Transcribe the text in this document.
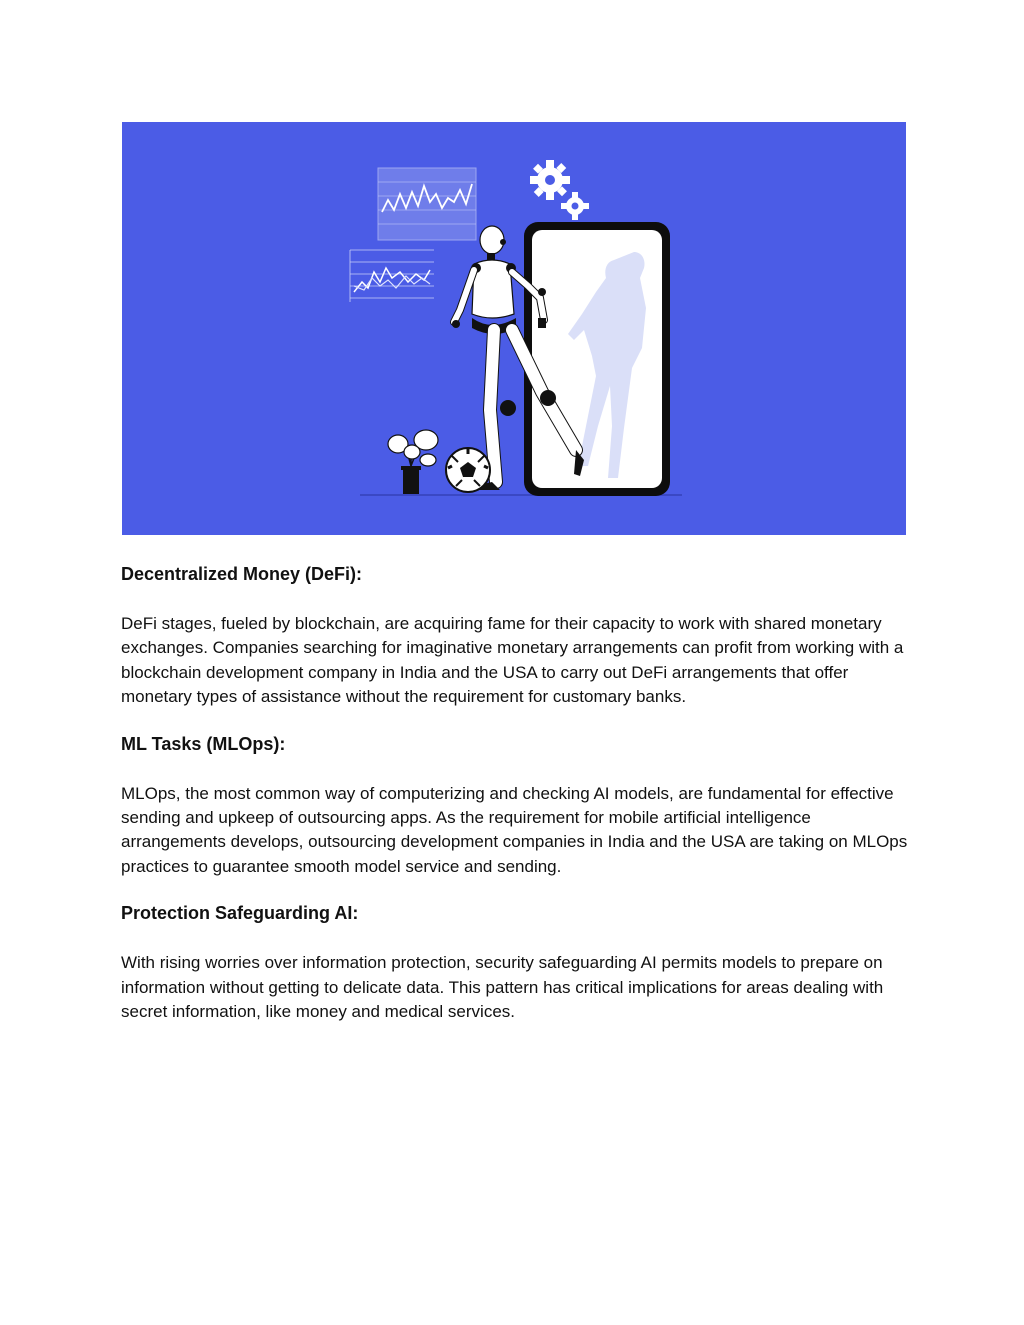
Decentralized Money (DeFi):

DeFi stages, fueled by blockchain, are acquiring fame for their capacity to work with shared monetary exchanges. Companies searching for imaginative monetary arrangements can profit from working with a blockchain development company in India and the USA to carry out DeFi arrangements that offer monetary types of assistance without the requirement for customary banks.

ML Tasks (MLOps):

MLOps, the most common way of computerizing and checking AI models, are fundamental for effective sending and upkeep of outsourcing apps. As the requirement for mobile artificial intelligence arrangements develops, outsourcing development companies in India and the USA are taking on MLOps practices to guarantee smooth model service and sending.

Protection Safeguarding AI:

With rising worries over information protection, security safeguarding AI permits models to prepare on information without getting to delicate data. This pattern has critical implications for areas dealing with secret information, like money and medical services.
